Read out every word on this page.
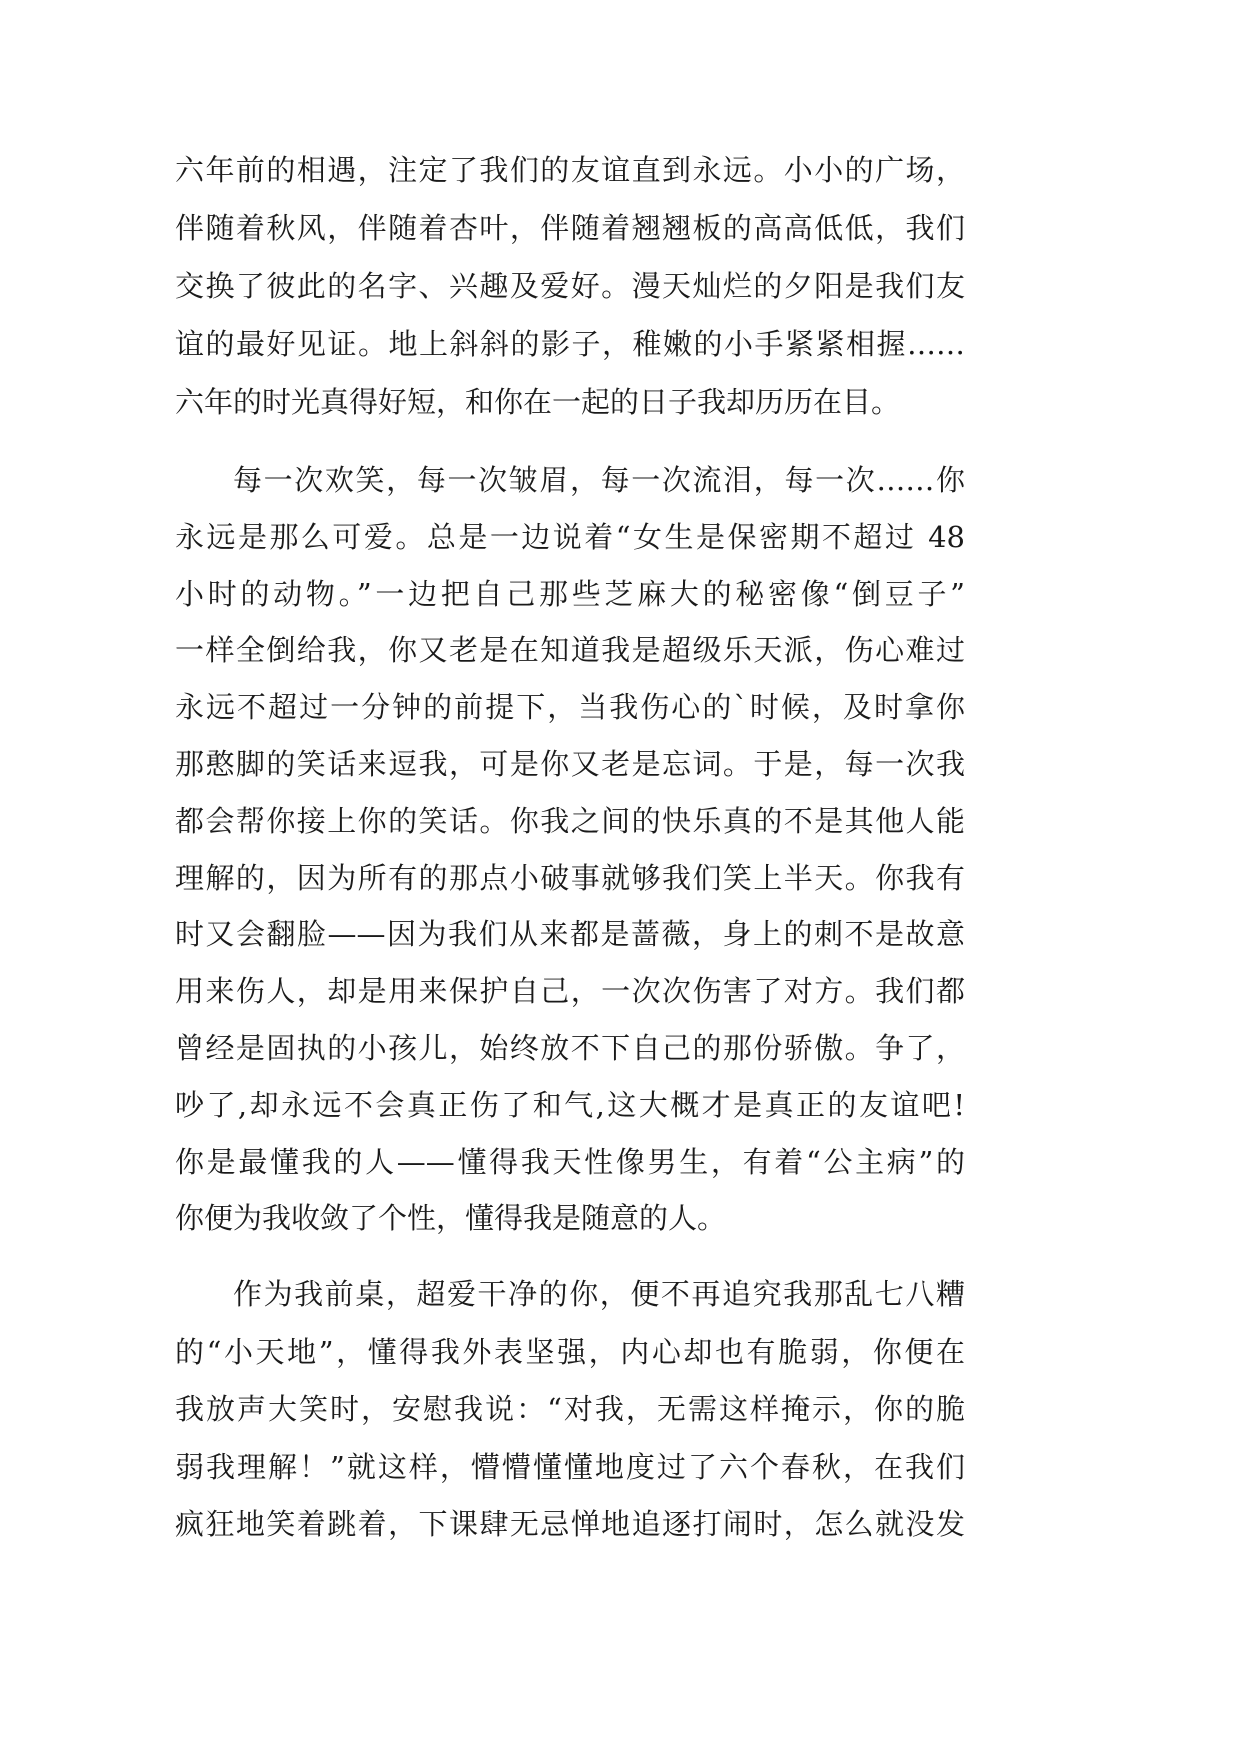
六年前的相遇，注定了我们的友谊直到永远。小小的广场，
伴随着秋风，伴随着杏叶，伴随着翘翘板的高高低低，我们
交换了彼此的名字、兴趣及爱好。漫天灿烂的夕阳是我们友
谊的最好见证。地上斜斜的影子，稚嫩的小手紧紧相握……
六年的时光真得好短，和你在一起的日子我却历历在目。
每一次欢笑，每一次皱眉，每一次流泪，每一次……你
永远是那么可爱。总是一边说着“女生是保密期不超过 48
小时的动物。”一边把自己那些芝麻大的秘密像“倒豆子”
一样全倒给我，你又老是在知道我是超级乐天派，伤心难过
永远不超过一分钟的前提下，当我伤心的`时候，及时拿你
那憨脚的笑话来逗我，可是你又老是忘词。于是，每一次我
都会帮你接上你的笑话。你我之间的快乐真的不是其他人能
理解的，因为所有的那点小破事就够我们笑上半天。你我有
时又会翻脸——因为我们从来都是蔷薇，身上的刺不是故意
用来伤人，却是用来保护自己，一次次伤害了对方。我们都
曾经是固执的小孩儿，始终放不下自己的那份骄傲。争了，
吵了,却永远不会真正伤了和气,这大概才是真正的友谊吧!
你是最懂我的人——懂得我天性像男生，有着“公主病”的
你便为我收敛了个性，懂得我是随意的人。
作为我前桌，超爱干净的你，便不再追究我那乱七八糟
的“小天地”，懂得我外表坚强，内心却也有脆弱，你便在
我放声大笑时，安慰我说：“对我，无需这样掩示，你的脆
弱我理解！”就这样，懵懵懂懂地度过了六个春秋，在我们
疯狂地笑着跳着，下课肆无忌惮地追逐打闹时，怎么就没发
